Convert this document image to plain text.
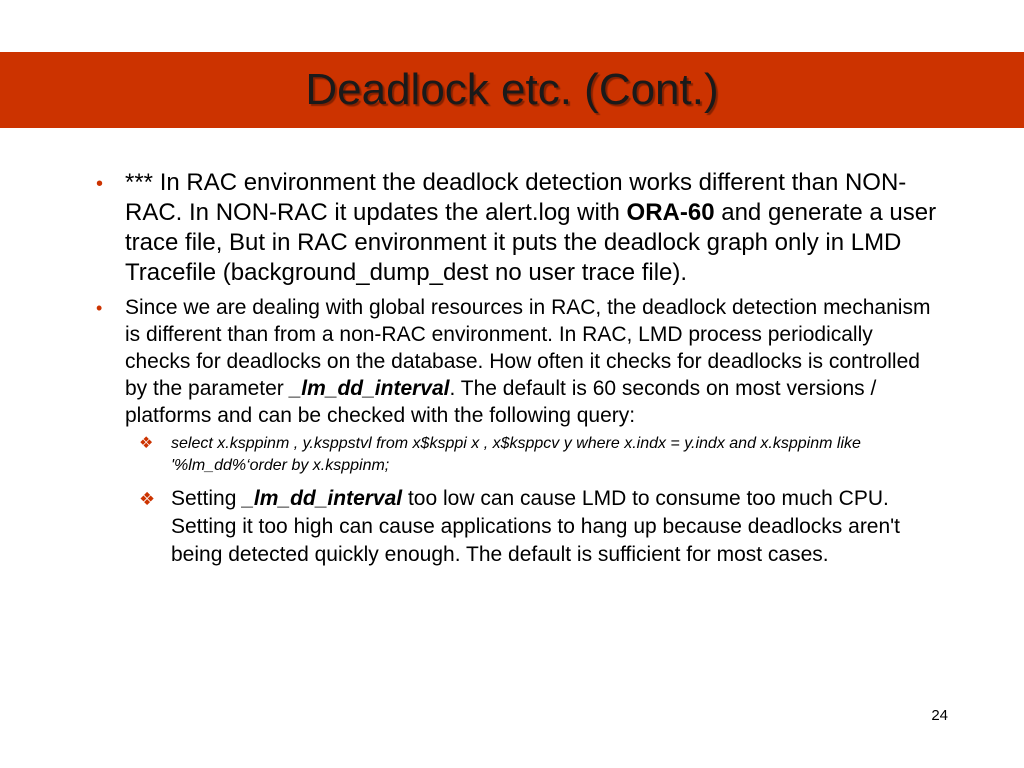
Deadlock etc. (Cont.)
• *** In RAC environment the deadlock detection works different than NON-RAC. In NON-RAC it updates the alert.log with ORA-60 and generate a user trace file, But in RAC environment it puts the deadlock graph only in LMD Tracefile (background_dump_dest no user trace file).
• Since we are dealing with global resources in RAC, the deadlock detection mechanism is different than from a non-RAC environment. In RAC, LMD process periodically checks for deadlocks on the database. How often it checks for deadlocks is controlled by the parameter _lm_dd_interval. The default is 60 seconds on most versions / platforms and can be checked with the following query:
❖ select x.ksppinm , y.ksppstvl from x$ksppi x , x$ksppcv y where x.indx = y.indx and x.ksppinm like '%lm_dd%‘order by x.ksppinm;
❖ Setting _lm_dd_interval too low can cause LMD to consume too much CPU. Setting it too high can cause applications to hang up because deadlocks aren't being detected quickly enough. The default is sufficient for most cases.
24
